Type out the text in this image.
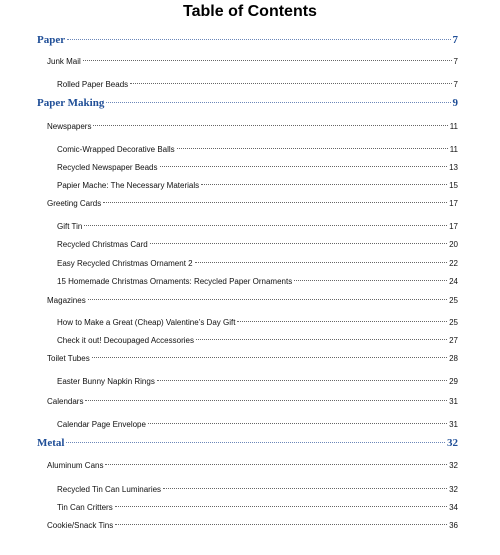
Table of Contents
Paper	7
Junk Mail	7
Rolled Paper Beads	7
Paper Making	9
Newspapers	11
Comic-Wrapped Decorative Balls	11
Recycled Newspaper Beads	13
Papier Mache: The Necessary Materials	15
Greeting Cards	17
Gift Tin	17
Recycled Christmas Card	20
Easy Recycled Christmas Ornament 2	22
15 Homemade Christmas Ornaments: Recycled Paper Ornaments	24
Magazines	25
How to Make a Great (Cheap) Valentine’s Day Gift	25
Check it out! Decoupaged Accessories	27
Toilet Tubes	28
Easter Bunny Napkin Rings	29
Calendars	31
Calendar Page Envelope	31
Metal	32
Aluminum Cans	32
Recycled Tin Can Luminaries	32
Tin Can Critters	34
Cookie/Snack Tins	36
